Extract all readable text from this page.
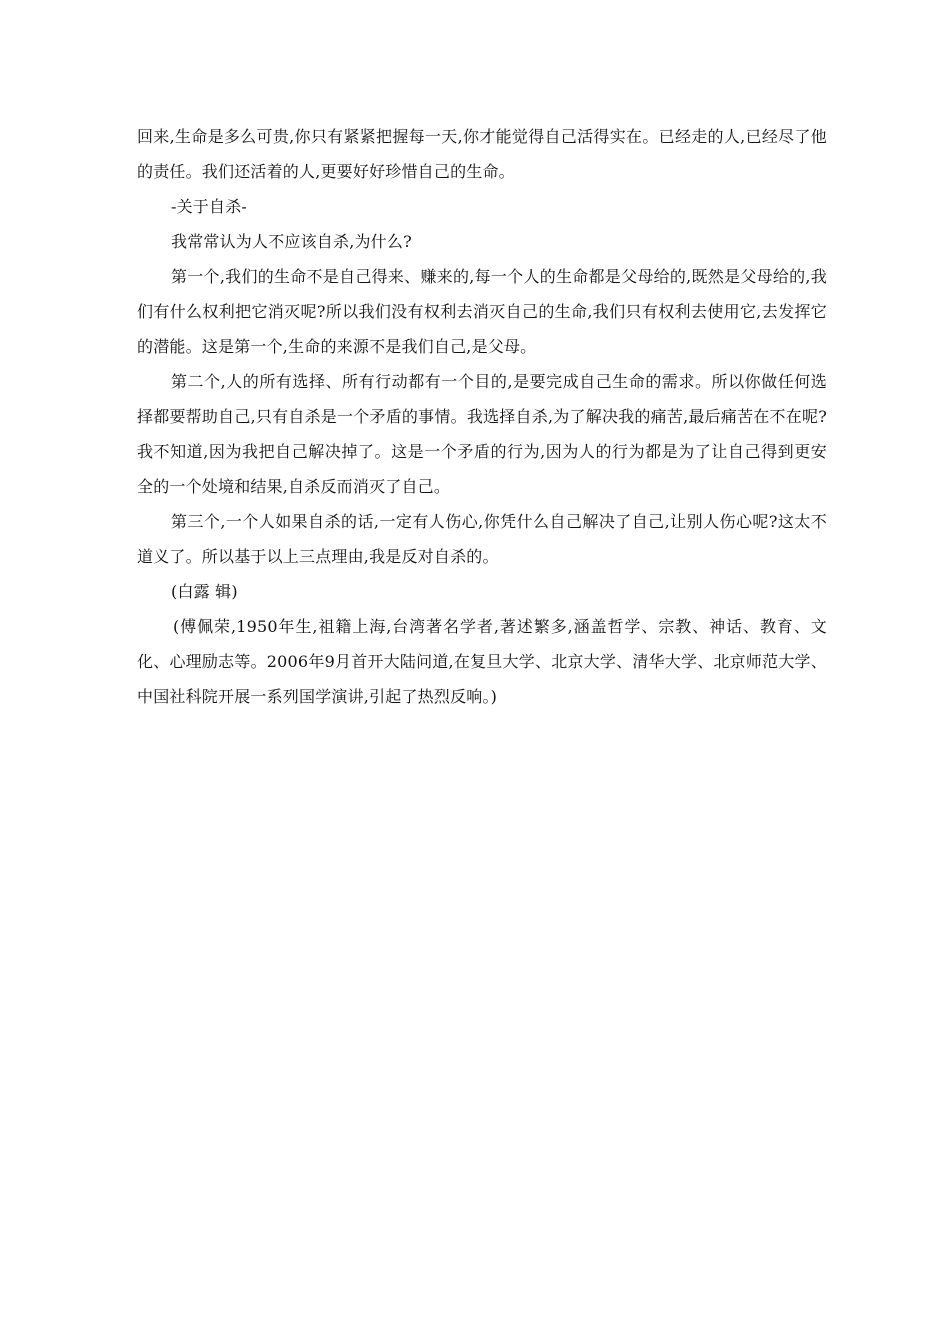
回来,生命是多么可贵,你只有紧紧把握每一天,你才能觉得自己活得实在。已经走的人,已经尽了他的责任。我们还活着的人,更要好好珍惜自己的生命。

-关于自杀-

我常常认为人不应该自杀,为什么?

第一个,我们的生命不是自己得来、赚来的,每一个人的生命都是父母给的,既然是父母给的,我们有什么权利把它消灭呢?所以我们没有权利去消灭自己的生命,我们只有权利去使用它,去发挥它的潜能。这是第一个,生命的来源不是我们自己,是父母。

第二个,人的所有选择、所有行动都有一个目的,是要完成自己生命的需求。所以你做任何选择都要帮助自己,只有自杀是一个矛盾的事情。我选择自杀,为了解决我的痛苦,最后痛苦在不在呢?我不知道,因为我把自己解决掉了。这是一个矛盾的行为,因为人的行为都是为了让自己得到更安全的一个处境和结果,自杀反而消灭了自己。

第三个,一个人如果自杀的话,一定有人伤心,你凭什么自己解决了自己,让别人伤心呢?这太不道义了。所以基于以上三点理由,我是反对自杀的。

(白露 辑)

(傅佩荣,1950年生,祖籍上海,台湾著名学者,著述繁多,涵盖哲学、宗教、神话、教育、文化、心理励志等。2006年9月首开大陆问道,在复旦大学、北京大学、清华大学、北京师范大学、中国社科院开展一系列国学演讲,引起了热烈反响。)
